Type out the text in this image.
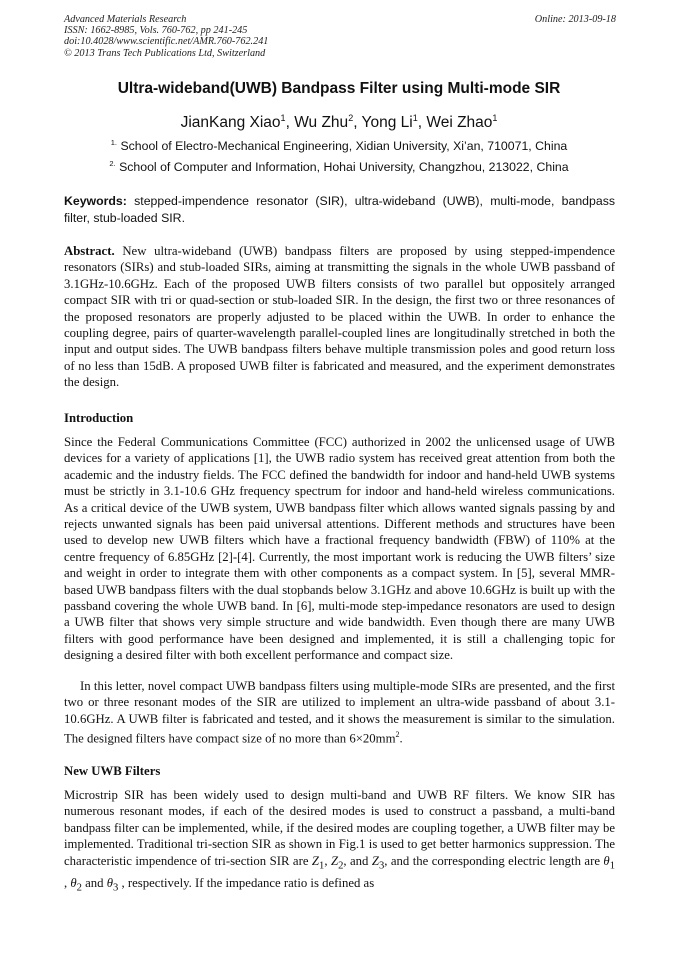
Advanced Materials Research
ISSN: 1662-8985, Vols. 760-762, pp 241-245
doi:10.4028/www.scientific.net/AMR.760-762.241
© 2013 Trans Tech Publications Ltd, Switzerland
Online: 2013-09-18
Ultra-wideband(UWB) Bandpass Filter using Multi-mode SIR
JianKang Xiao$^1$, Wu Zhu$^2$, Yong Li$^1$, Wei Zhao$^1$
$^{1.}$ School of Electro-Mechanical Engineering, Xidian University, Xi’an, 710071, China
$^{2.}$ School of Computer and Information, Hohai University, Changzhou, 213022, China
Keywords: stepped-impendence resonator (SIR), ultra-wideband (UWB), multi-mode, bandpass filter, stub-loaded SIR.
Abstract. New ultra-wideband (UWB) bandpass filters are proposed by using stepped-impendence resonators (SIRs) and stub-loaded SIRs, aiming at transmitting the signals in the whole UWB passband of 3.1GHz-10.6GHz. Each of the proposed UWB filters consists of two parallel but oppositely arranged compact SIR with tri or quad-section or stub-loaded SIR. In the design, the first two or three resonances of the proposed resonators are properly adjusted to be placed within the UWB. In order to enhance the coupling degree, pairs of quarter-wavelength parallel-coupled lines are longitudinally stretched in both the input and output sides. The UWB bandpass filters behave multiple transmission poles and good return loss of no less than 15dB. A proposed UWB filter is fabricated and measured, and the experiment demonstrates the design.
Introduction
Since the Federal Communications Committee (FCC) authorized in 2002 the unlicensed usage of UWB devices for a variety of applications [1], the UWB radio system has received great attention from both the academic and the industry fields. The FCC defined the bandwidth for indoor and hand-held UWB systems must be strictly in 3.1-10.6 GHz frequency spectrum for indoor and hand-held wireless communications. As a critical device of the UWB system, UWB bandpass filter which allows wanted signals passing by and rejects unwanted signals has been paid universal attentions. Different methods and structures have been used to develop new UWB filters which have a fractional frequency bandwidth (FBW) of 110% at the centre frequency of 6.85GHz [2]-[4]. Currently, the most important work is reducing the UWB filters’ size and weight in order to integrate them with other components as a compact system. In [5], several MMR-based UWB bandpass filters with the dual stopbands below 3.1GHz and above 10.6GHz is built up with the passband covering the whole UWB band. In [6], multi-mode step-impedance resonators are used to design a UWB filter that shows very simple structure and wide bandwidth. Even though there are many UWB filters with good performance have been designed and implemented, it is still a challenging topic for designing a desired filter with both excellent performance and compact size.
In this letter, novel compact UWB bandpass filters using multiple-mode SIRs are presented, and the first two or three resonant modes of the SIR are utilized to implement an ultra-wide passband of about 3.1-10.6GHz. A UWB filter is fabricated and tested, and it shows the measurement is similar to the simulation. The designed filters have compact size of no more than $6\times 20mm^2$.
New UWB Filters
Microstrip SIR has been widely used to design multi-band and UWB RF filters. We know SIR has numerous resonant modes, if each of the desired modes is used to construct a passband, a multi-band bandpass filter can be implemented, while, if the desired modes are coupling together, a UWB filter may be implemented. Traditional tri-section SIR as shown in Fig.1 is used to get better harmonics suppression. The characteristic impendence of tri-section SIR are $Z_1$, $Z_2$, and $Z_3$, and the corresponding electric length are $\theta_1$ , $\theta_2$ and $\theta_3$ , respectively. If the impedance ratio is defined as
